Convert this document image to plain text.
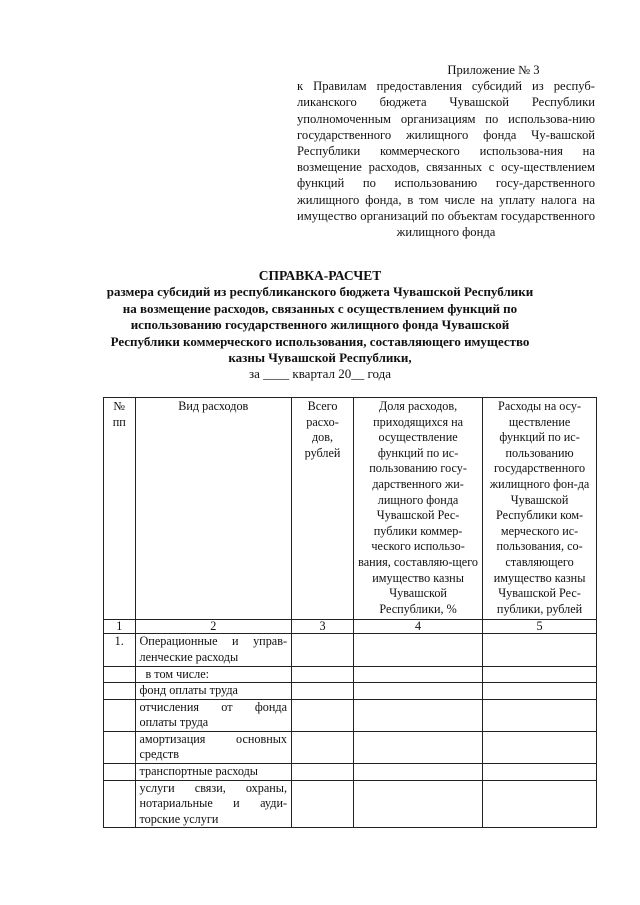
Приложение № 3
к Правилам предоставления субсидий из респуб-ликанского бюджета Чувашской Республики уполномоченным организациям по использова-нию государственного жилищного фонда Чу-вашской Республики коммерческого использова-ния на возмещение расходов, связанных с осу-ществлением функций по использованию госу-дарственного жилищного фонда, в том числе на уплату налога на имущество организаций по объектам государственного жилищного фонда
СПРАВКА-РАСЧЕТ
размера субсидий из республиканского бюджета Чувашской Республики на возмещение расходов, связанных с осуществлением функций по использованию государственного жилищного фонда Чувашской Республики коммерческого использования, составляющего имущество казны Чувашской Республики,
за ____ квартал 20__ года
№ пп	Вид расходов	Всего расхо-дов, рублей	Доля расходов, приходящихся на осуществление функций по ис-пользованию госу-дарственного жи-лищного фонда Чувашской Рес-публики коммер-ческого использо-вания, составляю-щего имущество казны Чувашской Республики, %	Расходы на осу-ществление функций по ис-пользованию государственного жилищного фон-да Чувашской Республики ком-мерческого ис-пользования, со-ставляющего имущество казны Чувашской Рес-публики, рублей
1	2	3	4	5
1.	Операционные и управ-ленческие расходы			
	в том числе:			
	фонд оплаты труда			
	отчисления от фонда оплаты труда			
	амортизация основных средств			
	транспортные расходы			
	услуги связи, охраны, нотариальные и ауди-торские услуги			
